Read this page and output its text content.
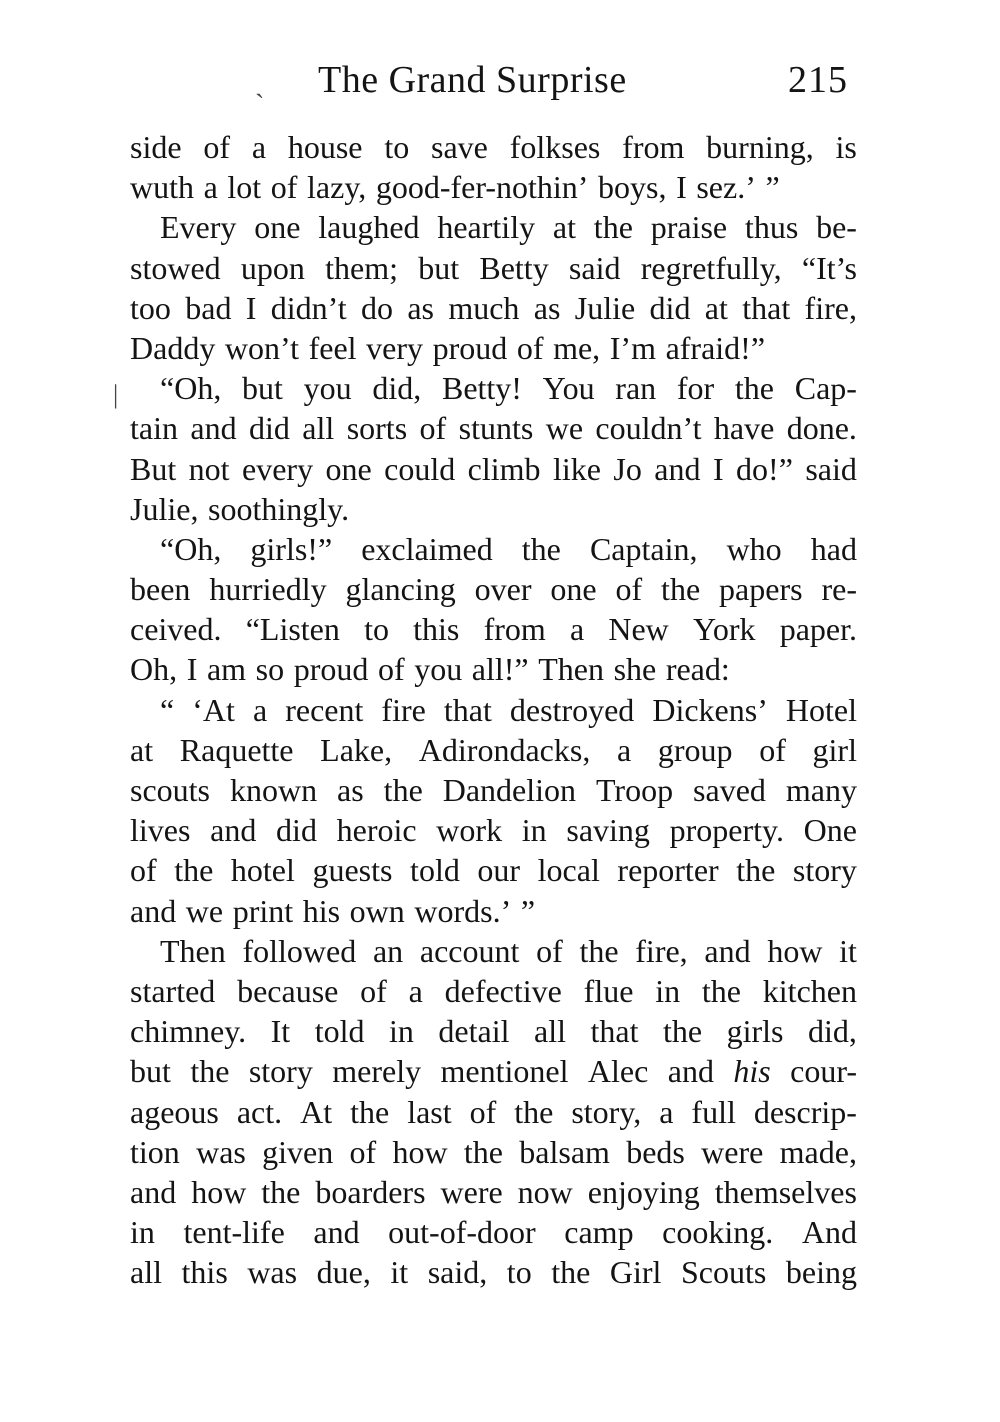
The Grand Surprise	215
ˎ
|
side of a house to save folkses from burning, is
wuth a lot of lazy, good-fer-nothin’ boys, I sez.’ ”
Every one laughed heartily at the praise thus be-
stowed upon them; but Betty said regretfully, “It’s
too bad I didn’t do as much as Julie did at that fire,
Daddy won’t feel very proud of me, I’m afraid!”
“Oh, but you did, Betty! You ran for the Cap-
tain and did all sorts of stunts we couldn’t have done.
But not every one could climb like Jo and I do!” said
Julie, soothingly.
“Oh, girls!” exclaimed the Captain, who had
been hurriedly glancing over one of the papers re-
ceived. “Listen to this from a New York paper.
Oh, I am so proud of you all!” Then she read:
“ ‘At a recent fire that destroyed Dickens’ Hotel
at Raquette Lake, Adirondacks, a group of girl
scouts known as the Dandelion Troop saved many
lives and did heroic work in saving property. One
of the hotel guests told our local reporter the story
and we print his own words.’ ”
Then followed an account of the fire, and how it
started because of a defective flue in the kitchen
chimney. It told in detail all that the girls did,
but the story merely mentionel Alec and his cour-
ageous act. At the last of the story, a full descrip-
tion was given of how the balsam beds were made,
and how the boarders were now enjoying themselves
in tent-life and out-of-door camp cooking. And
all this was due, it said, to the Girl Scouts being
